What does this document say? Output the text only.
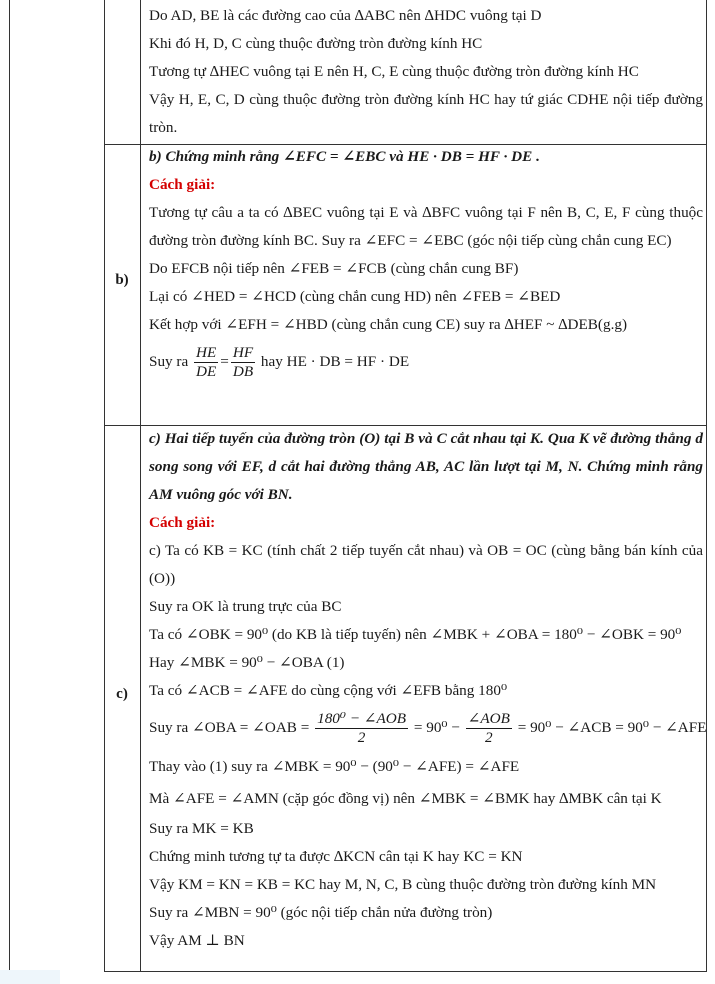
Do AD, BE là các đường cao của ∆ABC nên ∆HDC vuông tại D
Khi đó H, D, C cùng thuộc đường tròn đường kính HC
Tương tự ∆HEC vuông tại E nên H, C, E cùng thuộc đường tròn đường kính HC
Vậy H, E, C, D cùng thuộc đường tròn đường kính HC hay tứ giác CDHE nội tiếp đường tròn.
b)
b) Chứng minh rằng ∠EFC = ∠EBC và HE · DB = HF · DE .
Cách giải:
Tương tự câu a ta có ∆BEC vuông tại E và ∆BFC vuông tại F nên B, C, E, F cùng thuộc đường tròn đường kính BC. Suy ra ∠EFC = ∠EBC (góc nội tiếp cùng chắn cung EC)
Do EFCB nội tiếp nên ∠FEB = ∠FCB (cùng chắn cung BF)
Lại có ∠HED = ∠HCD (cùng chắn cung HD) nên ∠FEB = ∠BED
Kết hợp với ∠EFH = ∠HBD (cùng chắn cung CE) suy ra ∆HEF ~ ∆DEB(g.g)
Suy ra $\frac{HE}{DE} = \frac{HF}{DB}$ hay HE · DB = HF · DE
c)
c) Hai tiếp tuyến của đường tròn (O) tại B và C cắt nhau tại K. Qua K vẽ đường thẳng d song song với EF, d cắt hai đường thẳng AB, AC lần lượt tại M, N. Chứng minh rằng AM vuông góc với BN.
Cách giải:
c) Ta có KB = KC (tính chất 2 tiếp tuyến cắt nhau) và OB = OC (cùng bằng bán kính của (O))
Suy ra OK là trung trực của BC
Ta có ∠OBK = 90⁰ (do KB là tiếp tuyến) nên ∠MBK + ∠OBA = 180⁰ − ∠OBK = 90⁰
Hay ∠MBK = 90⁰ − ∠OBA (1)
Ta có ∠ACB = ∠AFE do cùng cộng với ∠EFB bằng 180⁰
Suy ra ∠OBA = ∠OAB = $\frac{\text{180⁰ − ∠AOB}}{2} = 90^0 - \frac{\text{∠AOB}}{2} = 90^0$ − ∠ACB = 90⁰ − ∠AFE
Thay vào (1) suy ra ∠MBK = 90⁰ − (90⁰ − ∠AFE) = ∠AFE
Mà ∠AFE = ∠AMN (cặp góc đồng vị) nên ∠MBK = ∠BMK hay ∆MBK cân tại K
Suy ra MK = KB
Chứng minh tương tự ta được ∆KCN cân tại K hay KC = KN
Vậy KM = KN = KB = KC hay M, N, C, B cùng thuộc đường tròn đường kính MN
Suy ra ∠MBN = 90⁰ (góc nội tiếp chắn nửa đường tròn)
Vậy AM ⊥ BN
